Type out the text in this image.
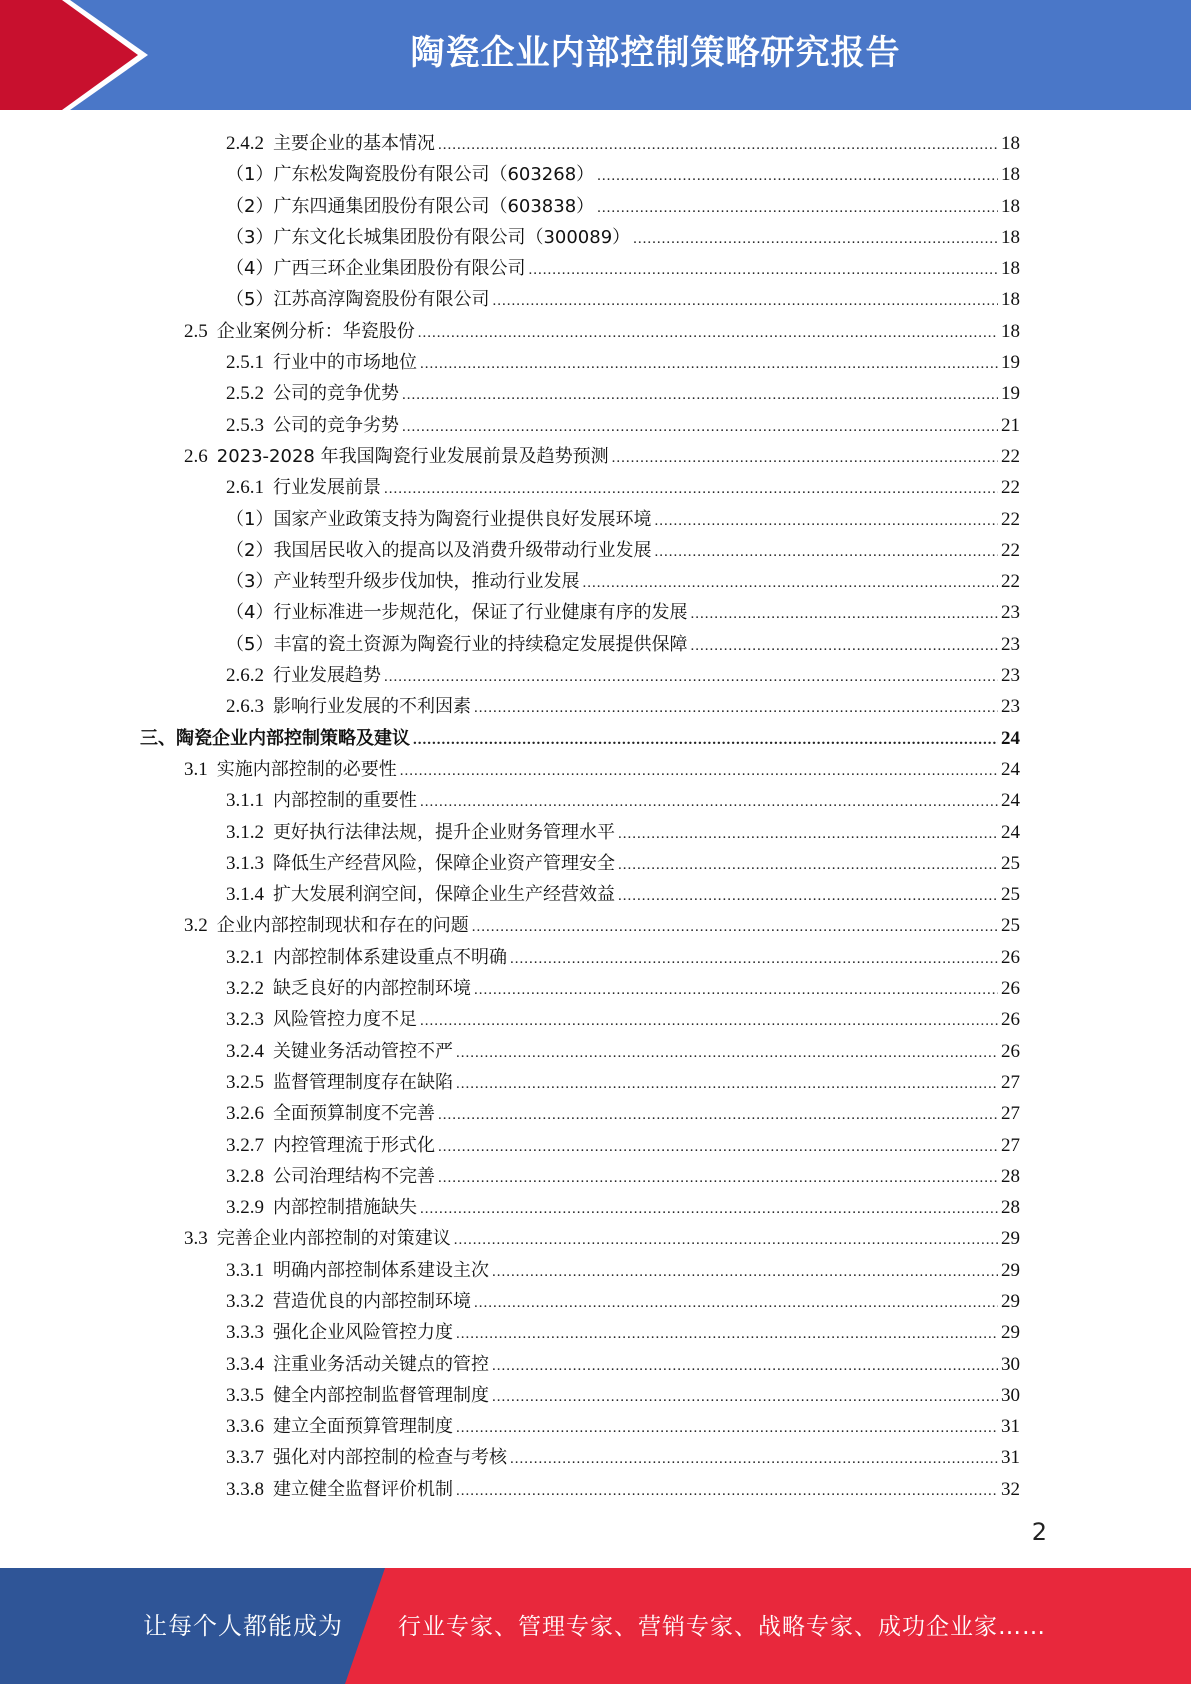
陶瓷企业内部控制策略研究报告
2.4.2 主要企业的基本情况 .....	18
（1）广东松发陶瓷股份有限公司（603268） .....	18
（2）广东四通集团股份有限公司（603838） .....	18
（3）广东文化长城集团股份有限公司（300089） .....	18
（4）广西三环企业集团股份有限公司 .....	18
（5）江苏高淳陶瓷股份有限公司 .....	18
2.5 企业案例分析：华瓷股份 .....	18
2.5.1 行业中的市场地位 .....	19
2.5.2 公司的竞争优势 .....	19
2.5.3 公司的竞争劣势 .....	21
2.6 2023-2028 年我国陶瓷行业发展前景及趋势预测 .....	22
2.6.1 行业发展前景 .....	22
（1）国家产业政策支持为陶瓷行业提供良好发展环境 .....	22
（2）我国居民收入的提高以及消费升级带动行业发展 .....	22
（3）产业转型升级步伐加快，推动行业发展 .....	22
（4）行业标准进一步规范化，保证了行业健康有序的发展 .....	23
（5）丰富的瓷土资源为陶瓷行业的持续稳定发展提供保障 .....	23
2.6.2 行业发展趋势 .....	23
2.6.3 影响行业发展的不利因素 .....	23
三、陶瓷企业内部控制策略及建议 .....	24
3.1 实施内部控制的必要性 .....	24
3.1.1 内部控制的重要性 .....	24
3.1.2 更好执行法律法规，提升企业财务管理水平 .....	24
3.1.3 降低生产经营风险，保障企业资产管理安全 .....	25
3.1.4 扩大发展利润空间，保障企业生产经营效益 .....	25
3.2 企业内部控制现状和存在的问题 .....	25
3.2.1 内部控制体系建设重点不明确 .....	26
3.2.2 缺乏良好的内部控制环境 .....	26
3.2.3 风险管控力度不足 .....	26
3.2.4 关键业务活动管控不严 .....	26
3.2.5 监督管理制度存在缺陷 .....	27
3.2.6 全面预算制度不完善 .....	27
3.2.7 内控管理流于形式化 .....	27
3.2.8 公司治理结构不完善 .....	28
3.2.9 内部控制措施缺失 .....	28
3.3 完善企业内部控制的对策建议 .....	29
3.3.1 明确内部控制体系建设主次 .....	29
3.3.2 营造优良的内部控制环境 .....	29
3.3.3 强化企业风险管控力度 .....	29
3.3.4 注重业务活动关键点的管控 .....	30
3.3.5 健全内部控制监督管理制度 .....	30
3.3.6 建立全面预算管理制度 .....	31
3.3.7 强化对内部控制的检查与考核 .....	31
3.3.8 建立健全监督评价机制 .....	32
2
让每个人都能成为 行业专家、管理专家、营销专家、战略专家、成功企业家……
